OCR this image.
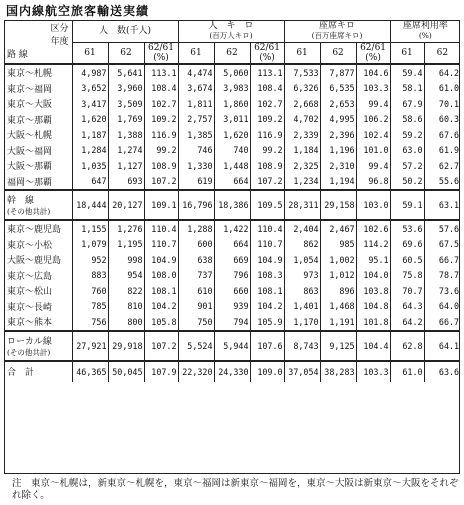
国内線航空旅客輸送実績
区分
年度
路 線	人　数(千人)			人　キ　ロ
(百万人キロ)			座席キロ
(百万座席キロ)			座席利用率
(%)	
	61	62	62/61 (%)	61	62	62/61 (%)	61	62	62/61 (%)	61	62
東京〜札幌	4,987	5,641	113.1	4,474	5,060	113.1	7,533	7,877	104.6	59.4	64.2
東京〜福岡	3,652	3,960	108.4	3,674	3,983	108.4	6,326	6,535	103.3	58.1	61.0
東京〜大阪	3,417	3,509	102.7	1,811	1,860	102.7	2,668	2,653	99.4	67.9	70.1
東京〜那覇	1,620	1,769	109.2	2,757	3,011	109.2	4,702	4,995	106.2	58.6	60.3
大阪〜札幌	1,187	1,388	116.9	1,385	1,620	116.9	2,339	2,396	102.4	59.2	67.6
大阪〜福岡	1,284	1,274	99.2	746	740	99.2	1,184	1,196	101.0	63.0	61.9
大阪〜那覇	1,035	1,127	108.9	1,330	1,448	108.9	2,325	2,310	99.4	57.2	62.7
福岡〜那覇	647	693	107.2	619	664	107.2	1,234	1,194	96.8	50.2	55.6
幹　線
(その他共計)	18,444	20,127	109.1	16,796	18,386	109.5	28,311	29,158	103.0	59.1	63.1
東京〜鹿児島	1,155	1,276	110.4	1,288	1,422	110.4	2,404	2,467	102.6	53.6	57.6
東京〜小松	1,079	1,195	110.7	600	664	110.7	862	985	114.2	69.6	67.5
大阪〜鹿児島	952	998	104.9	638	669	104.9	1,054	1,002	95.1	60.5	66.7
東京〜広島	883	954	108.0	737	796	108.3	973	1,012	104.0	75.8	78.7
東京〜松山	760	822	108.1	610	660	108.1	863	896	103.8	70.7	73.6
東京〜長崎	785	810	104.2	901	939	104.2	1,401	1,468	104.8	64.3	64.0
東京〜熊本	756	800	105.8	750	794	105.9	1,170	1,191	101.8	64.2	66.7
ローカル線
(その他共計)	27,921	29,918	107.2	5,524	5,944	107.6	8,743	9,125	104.4	62.8	64.1
合　計	46,365	50,045	107.9	22,320	24,330	109.0	37,054	38,283	103.3	61.0	63.6
注　東京〜札幌は，新東京〜札幌を，東京〜福岡は新東京〜福岡を，東京〜大阪は新東京〜大阪をそれぞれ除く。
